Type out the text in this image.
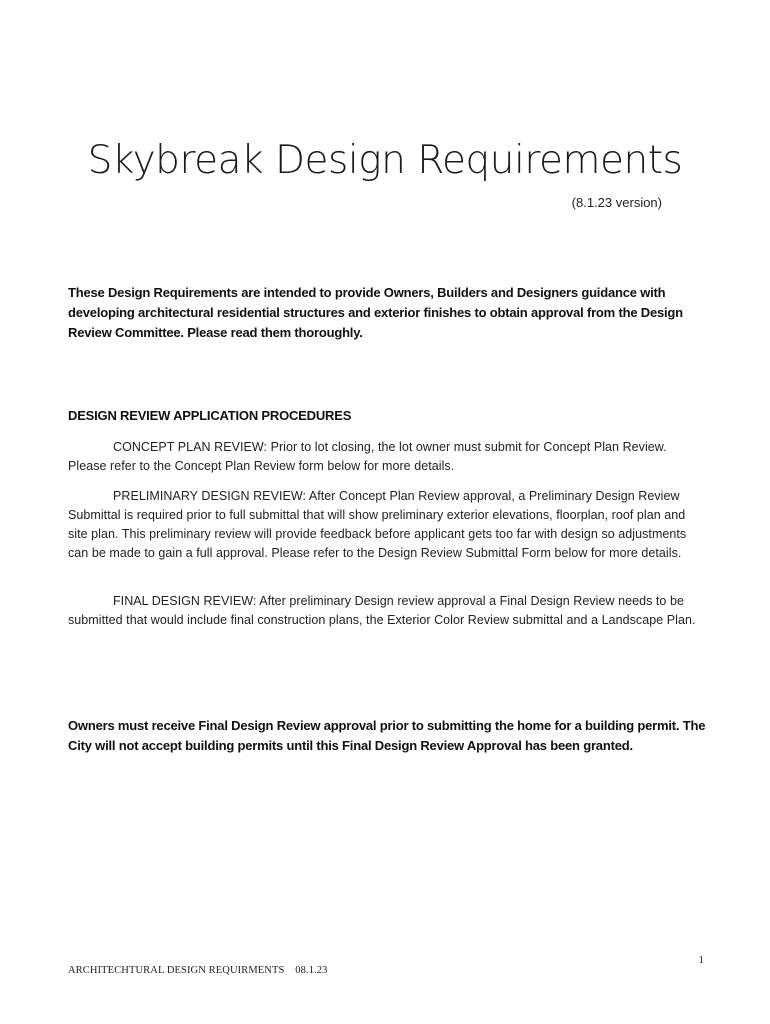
Skybreak Design Requirements
(8.1.23 version)

These Design Requirements are intended to provide Owners, Builders and Designers guidance with developing architectural residential structures and exterior finishes to obtain approval from the Design Review Committee. Please read them thoroughly.

DESIGN REVIEW APPLICATION PROCEDURES

CONCEPT PLAN REVIEW: Prior to lot closing, the lot owner must submit for Concept Plan Review. Please refer to the Concept Plan Review form below for more details.

PRELIMINARY DESIGN REVIEW: After Concept Plan Review approval, a Preliminary Design Review Submittal is required prior to full submittal that will show preliminary exterior elevations, floorplan, roof plan and site plan. This preliminary review will provide feedback before applicant gets too far with design so adjustments can be made to gain a full approval. Please refer to the Design Review Submittal Form below for more details.

FINAL DESIGN REVIEW: After preliminary Design review approval a Final Design Review needs to be submitted that would include final construction plans, the Exterior Color Review submittal and a Landscape Plan.

Owners must receive Final Design Review approval prior to submitting the home for a building permit. The City will not accept building permits until this Final Design Review Approval has been granted.

1
ARCHITECHTURAL DESIGN REQUIRMENTS    08.1.23
